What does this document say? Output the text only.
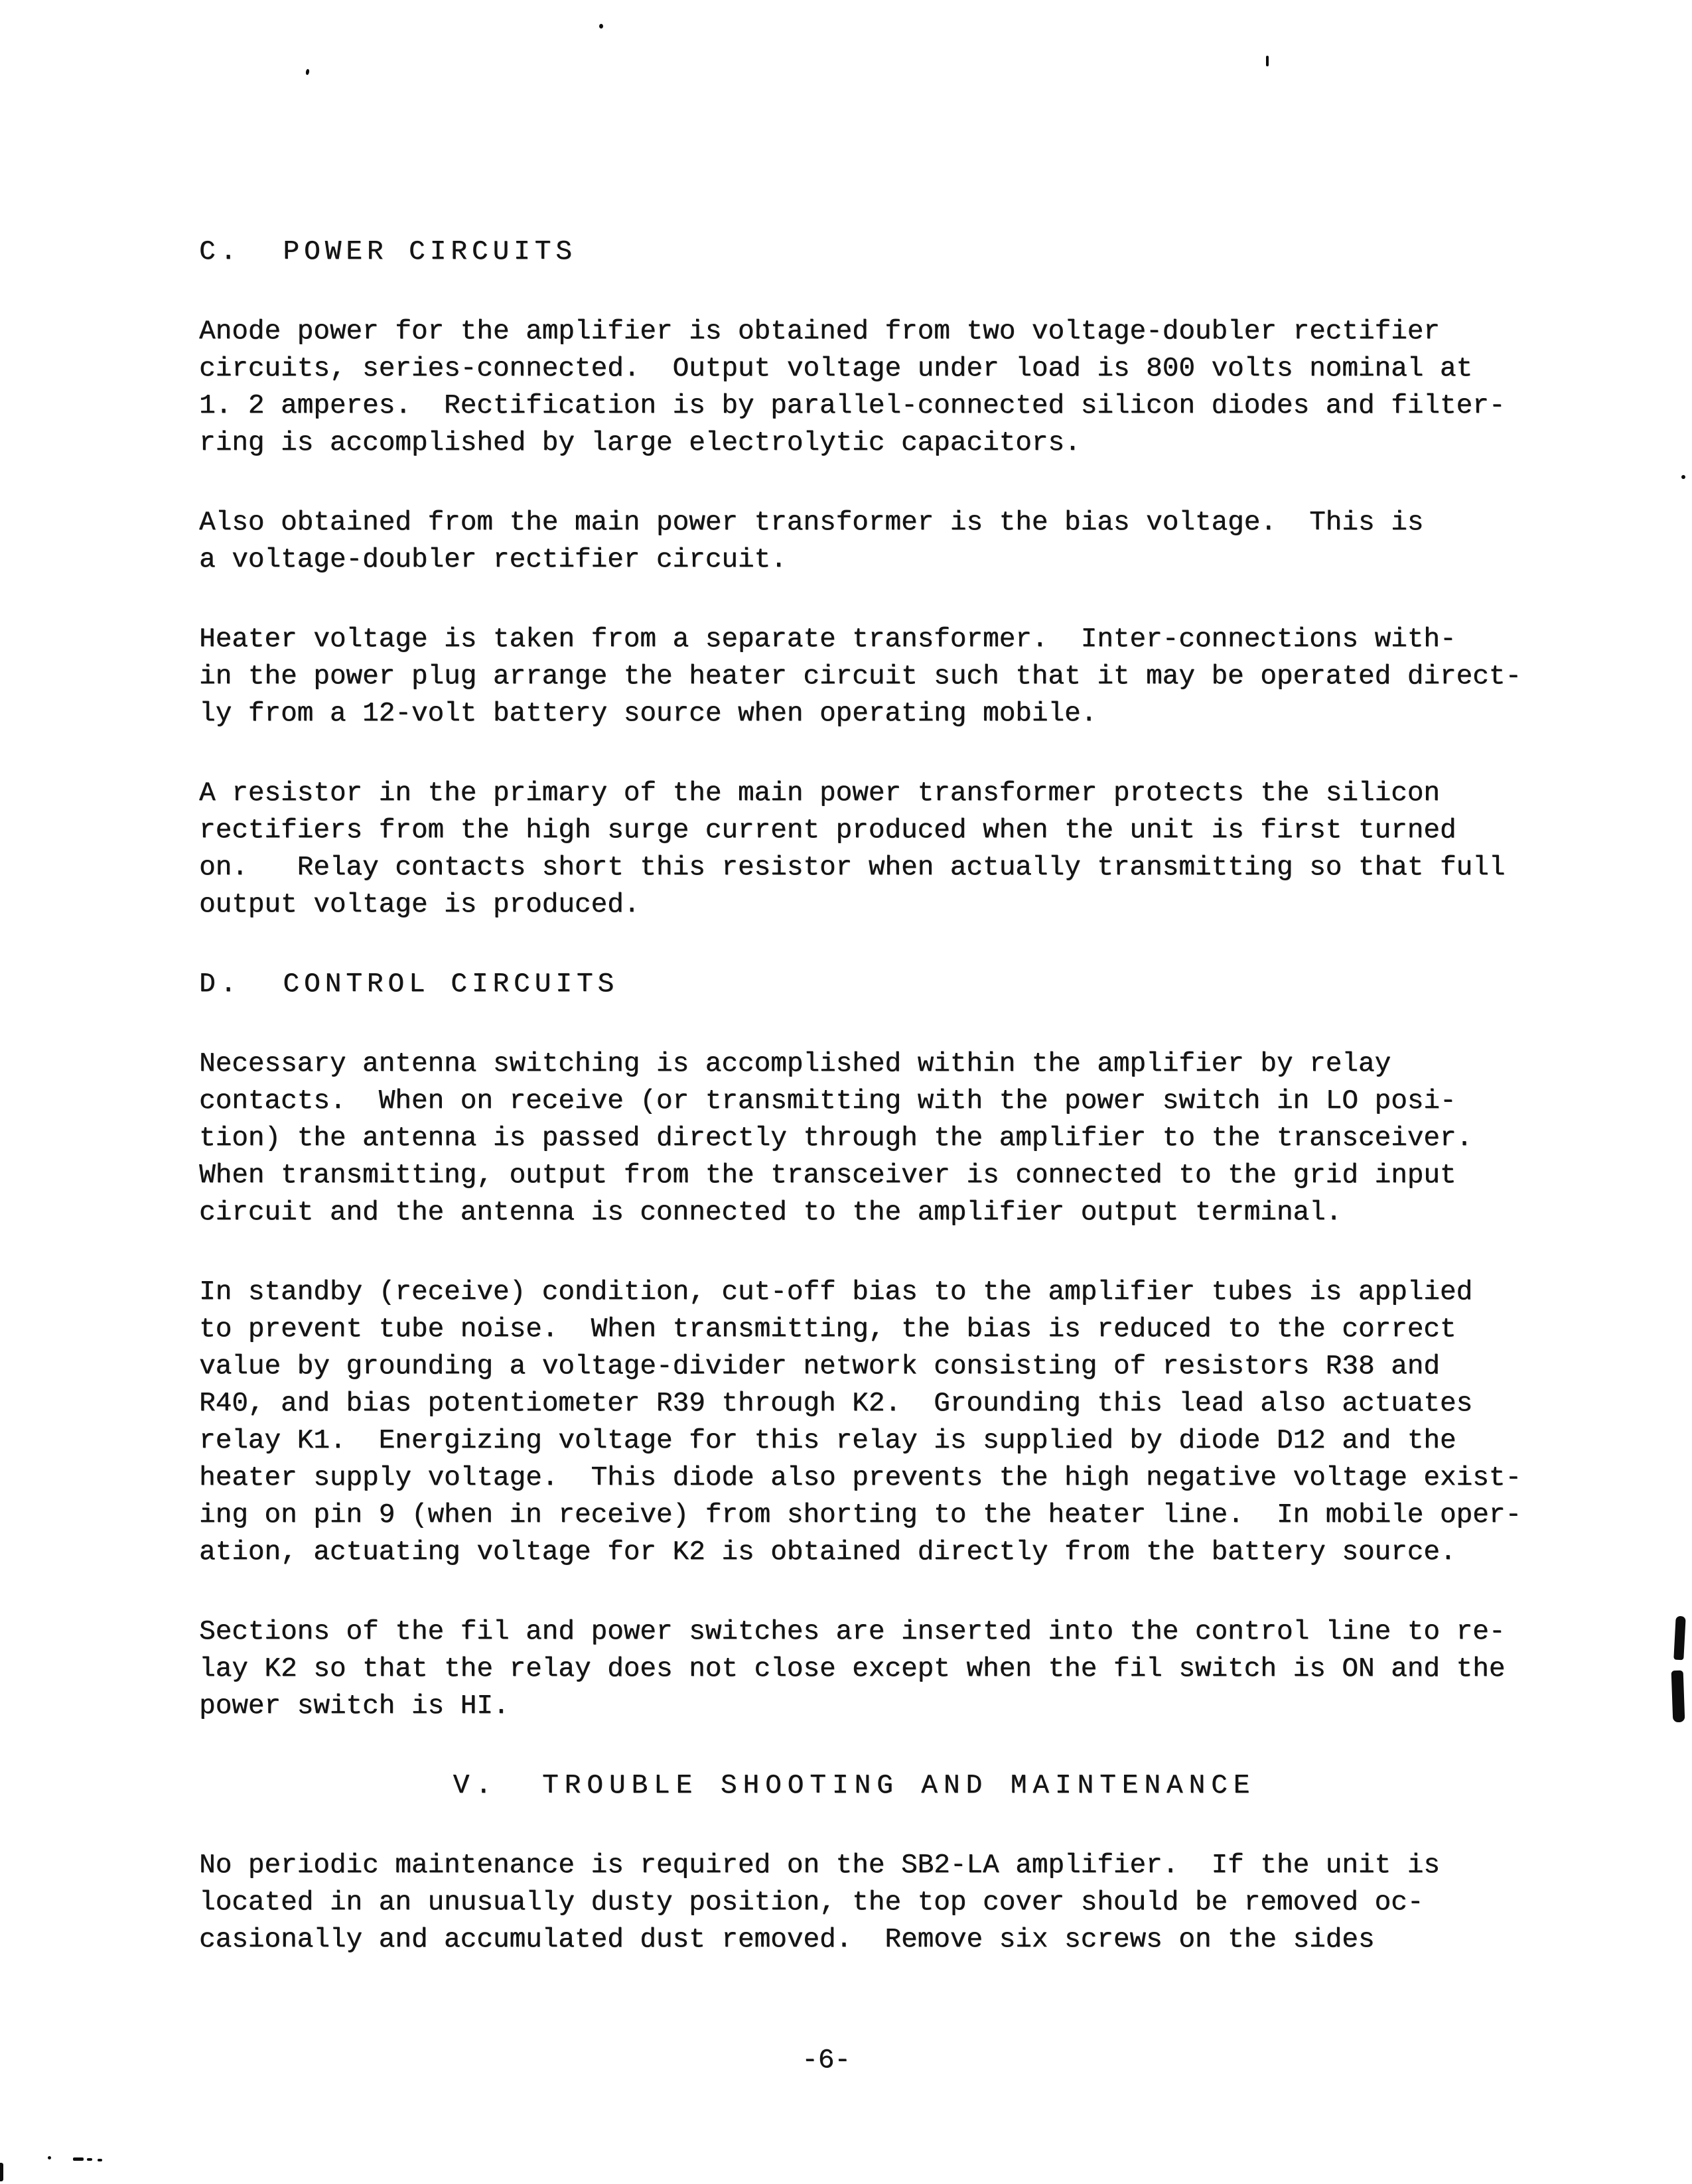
C.  POWER CIRCUITS
Anode power for the amplifier is obtained from two voltage-doubler rectifier
circuits, series-connected.  Output voltage under load is 800 volts nominal at
1. 2 amperes.  Rectification is by parallel-connected silicon diodes and filter-
ring is accomplished by large electrolytic capacitors.
Also obtained from the main power transformer is the bias voltage.  This is
a voltage-doubler rectifier circuit.
Heater voltage is taken from a separate transformer.  Inter-connections with-
in the power plug arrange the heater circuit such that it may be operated direct-
ly from a 12-volt battery source when operating mobile.
A resistor in the primary of the main power transformer protects the silicon
rectifiers from the high surge current produced when the unit is first turned
on.   Relay contacts short this resistor when actually transmitting so that full
output voltage is produced.
D.  CONTROL CIRCUITS
Necessary antenna switching is accomplished within the amplifier by relay
contacts.  When on receive (or transmitting with the power switch in LO posi-
tion) the antenna is passed directly through the amplifier to the transceiver.
When transmitting, output from the transceiver is connected to the grid input
circuit and the antenna is connected to the amplifier output terminal.
In standby (receive) condition, cut-off bias to the amplifier tubes is applied
to prevent tube noise.  When transmitting, the bias is reduced to the correct
value by grounding a voltage-divider network consisting of resistors R38 and
R40, and bias potentiometer R39 through K2.  Grounding this lead also actuates
relay K1.  Energizing voltage for this relay is supplied by diode D12 and the
heater supply voltage.  This diode also prevents the high negative voltage exist-
ing on pin 9 (when in receive) from shorting to the heater line.  In mobile oper-
ation, actuating voltage for K2 is obtained directly from the battery source.
Sections of the fil and power switches are inserted into the control line to re-
lay K2 so that the relay does not close except when the fil switch is ON and the
power switch is HI.
V.  TROUBLE SHOOTING AND MAINTENANCE
No periodic maintenance is required on the SB2-LA amplifier.  If the unit is
located in an unusually dusty position, the top cover should be removed oc-
casionally and accumulated dust removed.  Remove six screws on the sides
-6-
